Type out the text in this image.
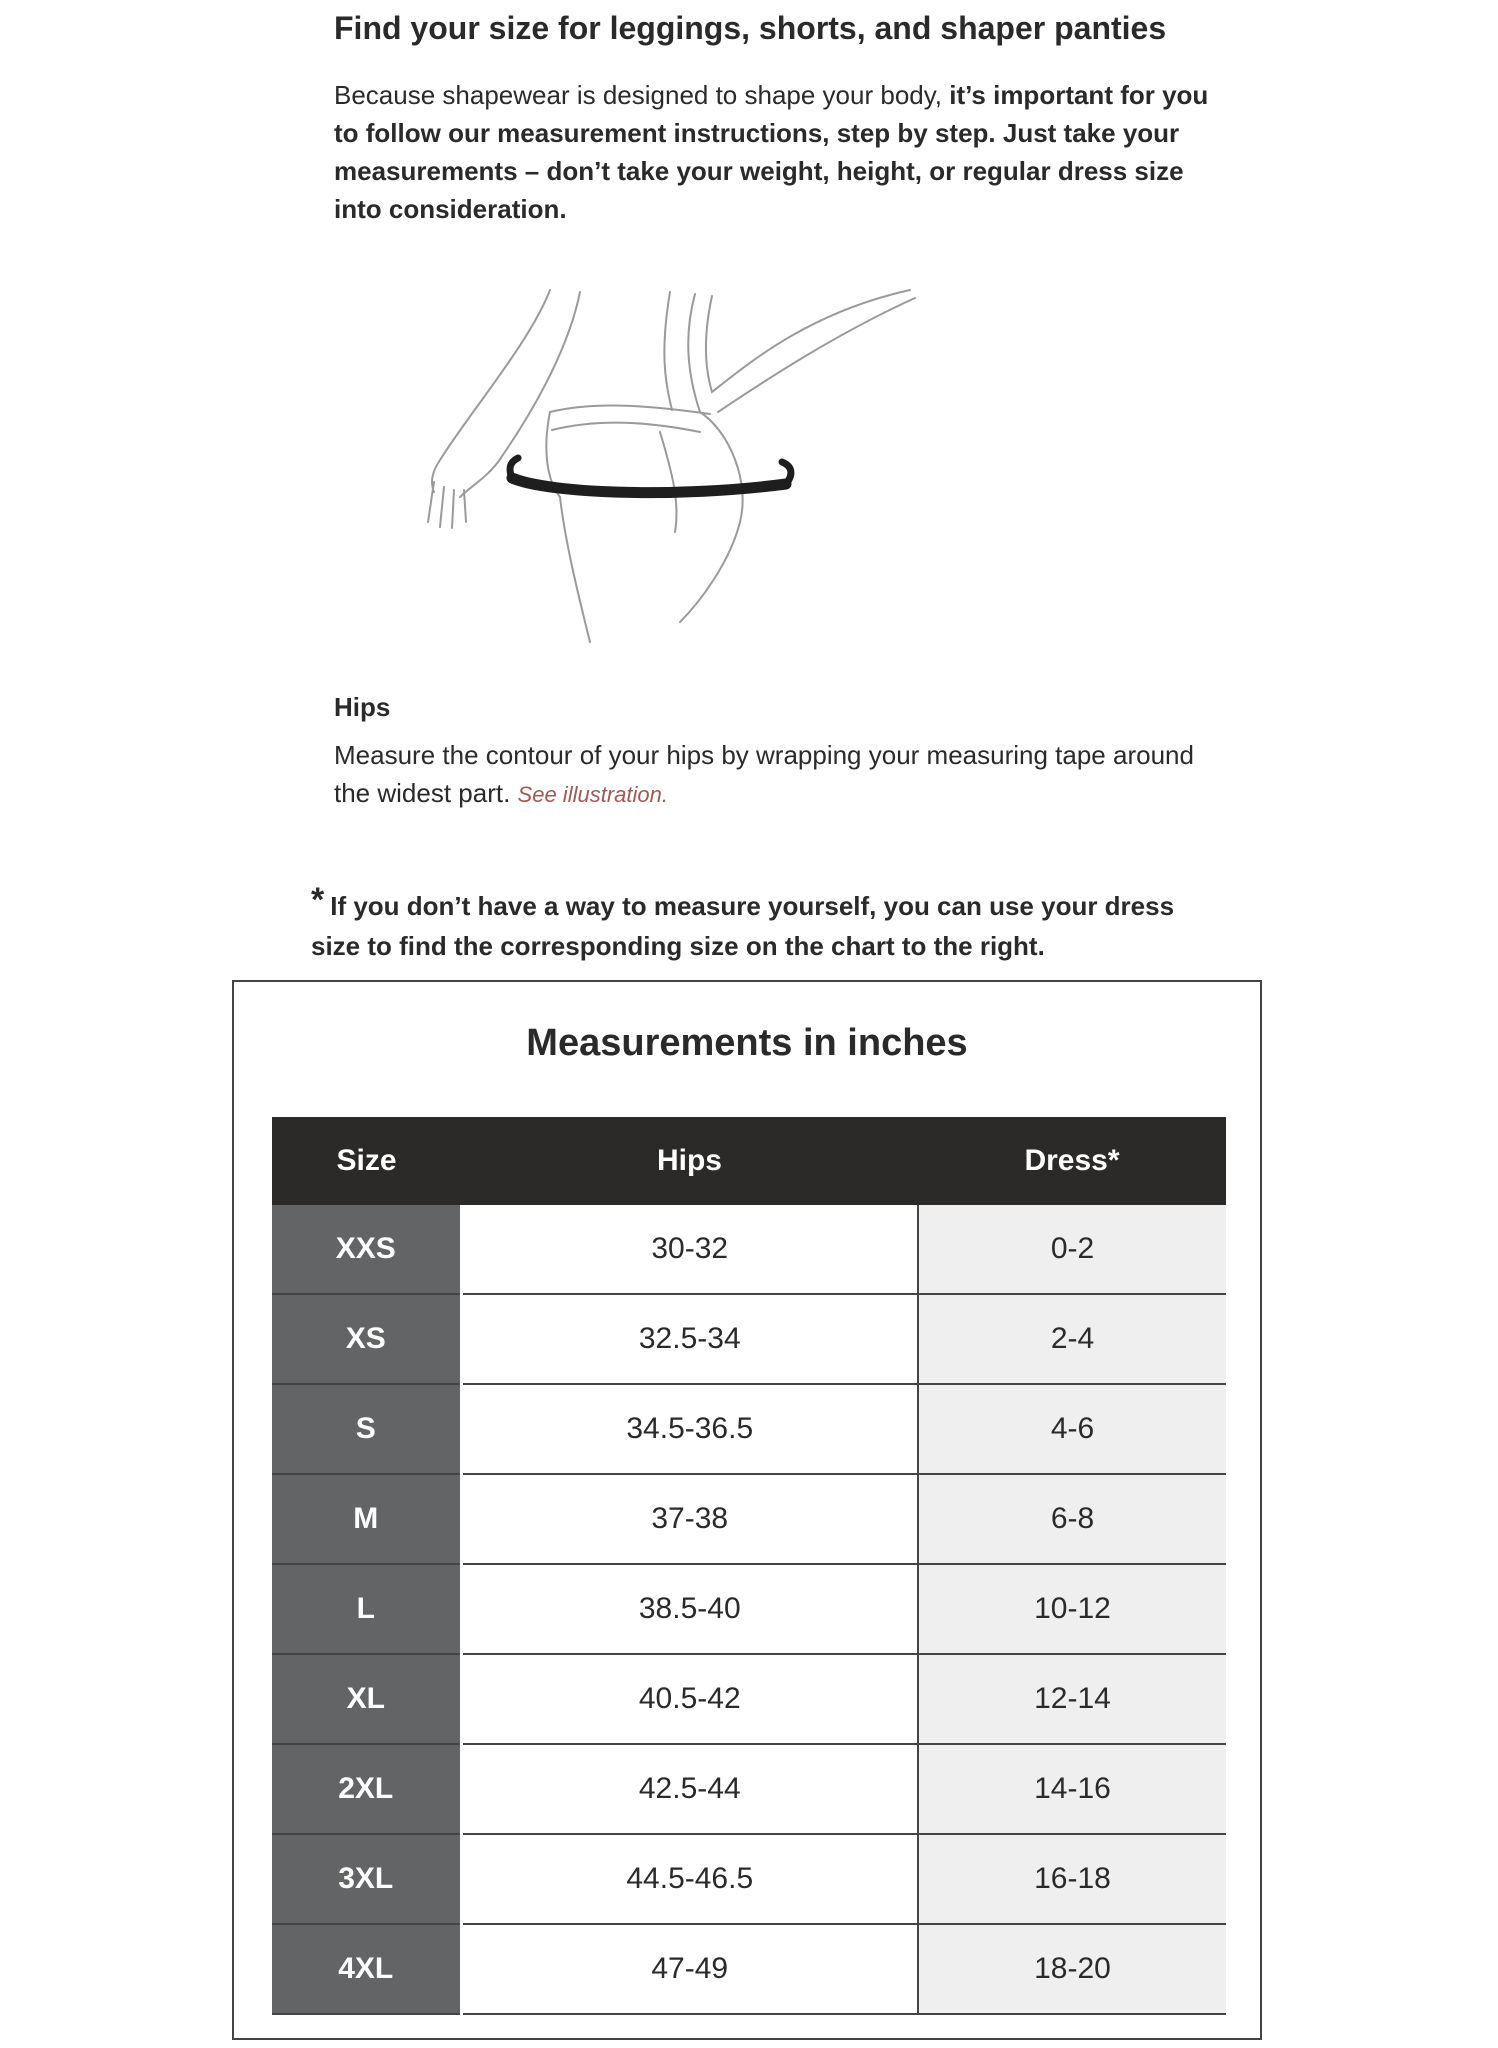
Find your size for leggings, shorts, and shaper panties

Because shapewear is designed to shape your body, it’s important for you to follow our measurement instructions, step by step. Just take your measurements – don’t take your weight, height, or regular dress size into consideration.

Hips

Measure the contour of your hips by wrapping your measuring tape around the widest part. See illustration.

* If you don’t have a way to measure yourself, you can use your dress size to find the corresponding size on the chart to the right.

Measurements in inches
Size	Hips	Dress*
XXS	30-32	0-2
XS	32.5-34	2-4
S	34.5-36.5	4-6
M	37-38	6-8
L	38.5-40	10-12
XL	40.5-42	12-14
2XL	42.5-44	14-16
3XL	44.5-46.5	16-18
4XL	47-49	18-20
